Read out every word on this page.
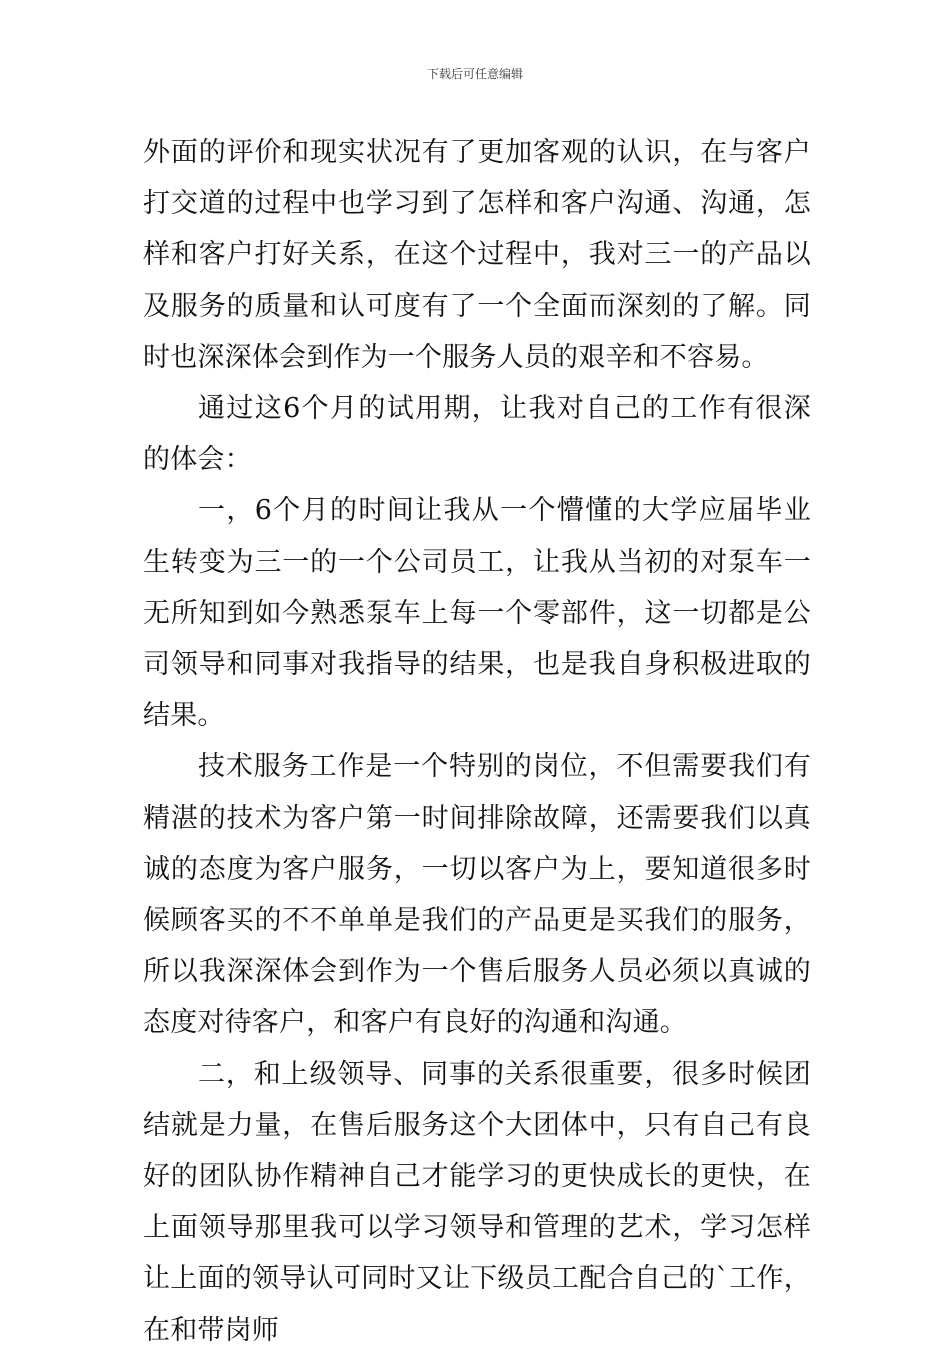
下载后可任意编辑

外面的评价和现实状况有了更加客观的认识，在与客户打交道的过程中也学习到了怎样和客户沟通、沟通，怎样和客户打好关系，在这个过程中，我对三一的产品以及服务的质量和认可度有了一个全面而深刻的了解。同时也深深体会到作为一个服务人员的艰辛和不容易。

通过这6个月的试用期，让我对自己的工作有很深的体会：

一，6个月的时间让我从一个懵懂的大学应届毕业生转变为三一的一个公司员工，让我从当初的对泵车一无所知到如今熟悉泵车上每一个零部件，这一切都是公司领导和同事对我指导的结果，也是我自身积极进取的结果。

技术服务工作是一个特别的岗位，不但需要我们有精湛的技术为客户第一时间排除故障，还需要我们以真诚的态度为客户服务，一切以客户为上，要知道很多时候顾客买的不不单单是我们的产品更是买我们的服务，所以我深深体会到作为一个售后服务人员必须以真诚的态度对待客户，和客户有良好的沟通和沟通。

二，和上级领导、同事的关系很重要，很多时候团结就是力量，在售后服务这个大团体中，只有自己有良好的团队协作精神自己才能学习的更快成长的更快，在上面领导那里我可以学习领导和管理的艺术，学习怎样让上面的领导认可同时又让下级员工配合自己的`工作，在和带岗师
